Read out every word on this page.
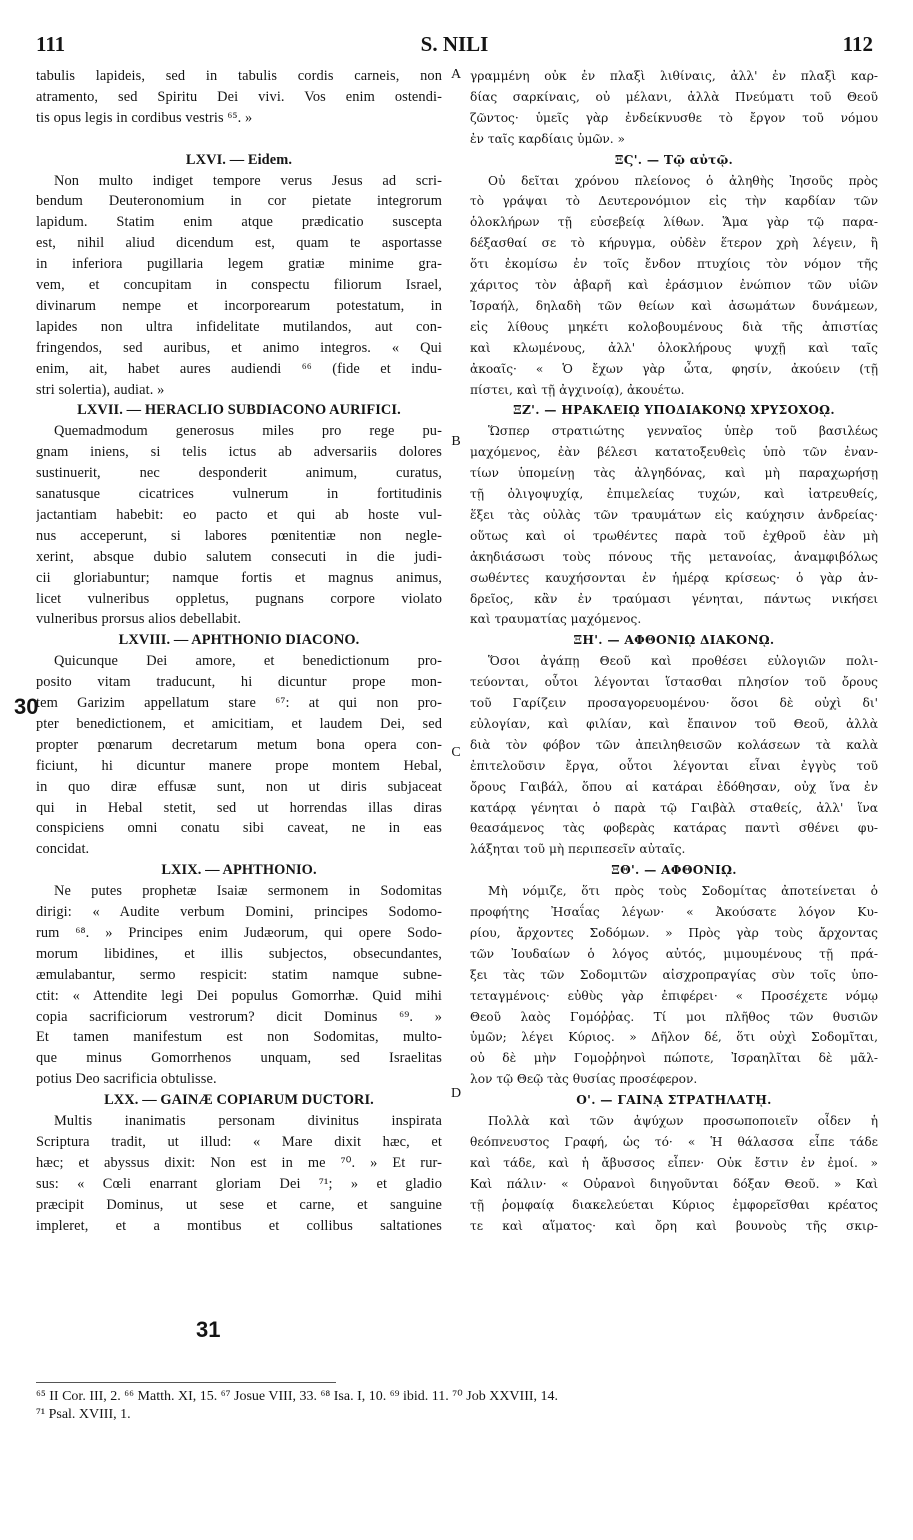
111	S. NILI	112
tabulis lapideis, sed in tabulis cordis carneis, non
atramento, sed Spiritu Dei vivi. Vos enim ostendi-
tis opus legis in cordibus vestris ⁶⁵. »
LXVI. — Eidem.
Non multo indiget tempore verus Jesus ad scri-
bendum Deuteronomium in cor pietate integrorum
lapidum. Statim enim atque prædicatio suscepta
est, nihil aliud dicendum est, quam te asportasse
in inferiora pugillaria legem gratiæ minime gra-
vem, et concupitam in conspectu filiorum Israel,
divinarum nempe et incorporearum potestatum, in
lapides non ultra infidelitate mutilandos, aut con-
fringendos, sed auribus, et animo integros. « Qui
enim, ait, habet aures audiendi ⁶⁶ (fide et indu-
stri solertia), audiat. »
LXVII. — HERACLIO SUBDIACONO AURIFICI.
Quemadmodum generosus miles pro rege pu-
gnam iniens, si telis ictus ab adversariis dolores
sustinuerit, nec desponderit animum, curatus,
sanatusque cicatrices vulnerum in fortitudinis
jactantiam habebit: eo pacto et qui ab hoste vul-
nus acceperunt, si labores pœnitentiæ non negle-
xerint, absque dubio salutem consecuti in die judi-
cii gloriabuntur; namque fortis et magnus animus,
licet vulneribus oppletus, pugnans corpore violato
vulneribus prorsus alios debellabit.
LXVIII. — APHTHONIO DIACONO.
Quicunque Dei amore, et benedictionum pro-
posito vitam traducunt, hi dicuntur prope mon-
tem Garizim appellatum stare ⁶⁷: at qui non pro-
pter benedictionem, et amicitiam, et laudem Dei, sed
propter pœnarum decretarum metum bona opera con-
ficiunt, hi dicuntur manere prope montem Hebal,
in quo diræ effusæ sunt, non ut diris subjaceat
qui in Hebal stetit, sed ut horrendas illas diras
conspiciens omni conatu sibi caveat, ne in eas
concidat.
LXIX. — APHTHONIO.
Ne putes prophetæ Isaiæ sermonem in Sodomitas
dirigi: « Audite verbum Domini, principes Sodomo-
rum ⁶⁸. » Principes enim Judæorum, qui opere Sodo-
morum libidines, et illis subjectos, obsecundantes,
æmulabantur, sermo respicit: statim namque subne-
ctit: « Attendite legi Dei populus Gomorrhæ. Quid mihi
copia sacrificiorum vestrorum? dicit Dominus ⁶⁹. »
Et tamen manifestum est non Sodomitas, multo-
que minus Gomorrhenos unquam, sed Israelitas
potius Deo sacrificia obtulisse.
LXX. — GAINÆ COPIARUM DUCTORI.
Multis inanimatis personam divinitus inspirata
Scriptura tradit, ut illud: « Mare dixit hæc, et
hæc; et abyssus dixit: Non est in me ⁷⁰. » Et rur-
sus: « Cœli enarrant gloriam Dei ⁷¹; » et gladio
præcipit Dominus, ut sese et carne, et sanguine
impleret, et a montibus et collibus saltationes
γραμμένη οὐκ ἐν πλαξὶ λιθίναις, ἀλλ' ἐν πλαξὶ καρ-
δίας σαρκίναις, οὐ μέλανι, ἀλλὰ Πνεύματι τοῦ Θεοῦ
ζῶντος· ὑμεῖς γὰρ ἐνδείκνυσθε τὸ ἔργον τοῦ νόμου
ἐν ταῖς καρδίαις ὑμῶν. »
ΞϚ'. — Τῷ αὐτῷ.
Οὐ δεῖται χρόνου πλείονος ὁ ἀληθὴς Ἰησοῦς πρὸς
τὸ γράψαι τὸ Δευτερονόμιον εἰς τὴν καρδίαν τῶν
ὁλοκλήρων τῇ εὐσεβείᾳ λίθων. Ἅμα γὰρ τῷ παρα-
δέξασθαί σε τὸ κήρυγμα, οὐδὲν ἕτερον χρὴ λέγειν, ἢ
ὅτι ἐκομίσω ἐν τοῖς ἔνδον πτυχίοις τὸν νόμον τῆς
χάριτος τὸν ἀβαρῆ καὶ ἐράσμιον ἐνώπιον τῶν υἱῶν
Ἰσραήλ, δηλαδὴ τῶν θείων καὶ ἀσωμάτων δυνάμεων,
εἰς λίθους μηκέτι κολοβουμένους διὰ τῆς ἀπιστίας
καὶ κλωμένους, ἀλλ' ὁλοκλήρους ψυχῇ καὶ ταῖς
ἀκοαῖς· « Ὁ ἔχων γὰρ ὦτα, φησίν, ἀκούειν (τῇ
πίστει, καὶ τῇ ἀγχινοίᾳ), ἀκουέτω.
ΞΖ'. — ΗΡΑΚΛΕΙῼ ΥΠΟΔΙΑΚΟΝῼ ΧΡΥΣΟΧΟῼ.
Ὥσπερ στρατιώτης γενναῖος ὑπὲρ τοῦ βασιλέως
μαχόμενος, ἐὰν βέλεσι κατατοξευθεὶς ὑπὸ τῶν ἐναν-
τίων ὑπομείνῃ τὰς ἀλγηδόνας, καὶ μὴ παραχωρήσῃ
τῇ ὀλιγοψυχίᾳ, ἐπιμελείας τυχών, καὶ ἰατρευθείς,
ἕξει τὰς οὐλὰς τῶν τραυμάτων εἰς καύχησιν ἀνδρείας·
οὕτως καὶ οἱ τρωθέντες παρὰ τοῦ ἐχθροῦ ἐὰν μὴ
ἀκηδιάσωσι τοὺς πόνους τῆς μετανοίας, ἀναμφιβόλως
σωθέντες καυχήσονται ἐν ἡμέρᾳ κρίσεως· ὁ γὰρ ἀν-
δρεῖος, κἂν ἐν τραύμασι γένηται, πάντως νικήσει
καὶ τραυματίας μαχόμενος.
ΞΗ'. — ΑΦΘΟΝΙῼ ΔΙΑΚΟΝῼ.
Ὅσοι ἀγάπῃ Θεοῦ καὶ προθέσει εὐλογιῶν πολι-
τεύονται, οὗτοι λέγονται ἵστασθαι πλησίον τοῦ ὄρους
τοῦ Γαρίζειν προσαγορευομένου· ὅσοι δὲ οὐχὶ δι'
εὐλογίαν, καὶ φιλίαν, καὶ ἔπαινον τοῦ Θεοῦ, ἀλλὰ
διὰ τὸν φόβον τῶν ἀπειληθεισῶν κολάσεων τὰ καλὰ
ἐπιτελοῦσιν ἔργα, οὗτοι λέγονται εἶναι ἐγγὺς τοῦ
ὄρους Γαιβάλ, ὅπου αἱ κατάραι ἐδόθησαν, οὐχ ἵνα ἐν
κατάρᾳ γένηται ὁ παρὰ τῷ Γαιβὰλ σταθείς, ἀλλ' ἵνα
θεασάμενος τὰς φοβερὰς κατάρας παντὶ σθένει φυ-
λάξηται τοῦ μὴ περιπεσεῖν αὐταῖς.
ΞΘ'. — ΑΦΘΟΝΙῼ.
Μὴ νόμιζε, ὅτι πρὸς τοὺς Σοδομίτας ἀποτείνεται ὁ
προφήτης Ἠσαΐας λέγων· « Ἀκούσατε λόγον Κυ-
ρίου, ἄρχοντες Σοδόμων. » Πρὸς γὰρ τοὺς ἄρχοντας
τῶν Ἰουδαίων ὁ λόγος αὐτός, μιμουμένους τῇ πρά-
ξει τὰς τῶν Σοδομιτῶν αἰσχροπραγίας σὺν τοῖς ὑπο-
τεταγμένοις· εὐθὺς γὰρ ἐπιφέρει· « Προσέχετε νόμῳ
Θεοῦ λαὸς Γομόῤῥας. Τί μοι πλῆθος τῶν θυσιῶν
ὑμῶν; λέγει Κύριος. » Δῆλον δέ, ὅτι οὐχὶ Σοδομῖται,
οὐ δὲ μὴν Γομοῤῥηνοὶ πώποτε, Ἰσραηλῖται δὲ μᾶλ-
λον τῷ Θεῷ τὰς θυσίας προσέφερον.
Ο'. — ΓΑΙΝᾼ ΣΤΡΑΤΗΛΑΤῌ.
Πολλὰ καὶ τῶν ἀψύχων προσωποποιεῖν οἶδεν ἡ
θεόπνευστος Γραφή, ὡς τό· « Ἡ θάλασσα εἶπε τάδε
καὶ τάδε, καὶ ἡ ἄβυσσος εἶπεν· Οὐκ ἔστιν ἐν ἐμοί. »
Καὶ πάλιν· « Οὐρανοὶ διηγοῦνται δόξαν Θεοῦ. » Καὶ
τῇ ῥομφαίᾳ διακελεύεται Κύριος ἐμφορεῖσθαι κρέατος
τε καὶ αἵματος· καὶ ὄρη καὶ βουνοὺς τῆς σκιρ-
A
B
C
D
30
31
⁶⁵ II Cor. III, 2. ⁶⁶ Matth. XI, 15. ⁶⁷ Josue VIII, 33. ⁶⁸ Isa. I, 10. ⁶⁹ ibid. 11. ⁷⁰ Job XXVIII, 14.
⁷¹ Psal. XVIII, 1.
